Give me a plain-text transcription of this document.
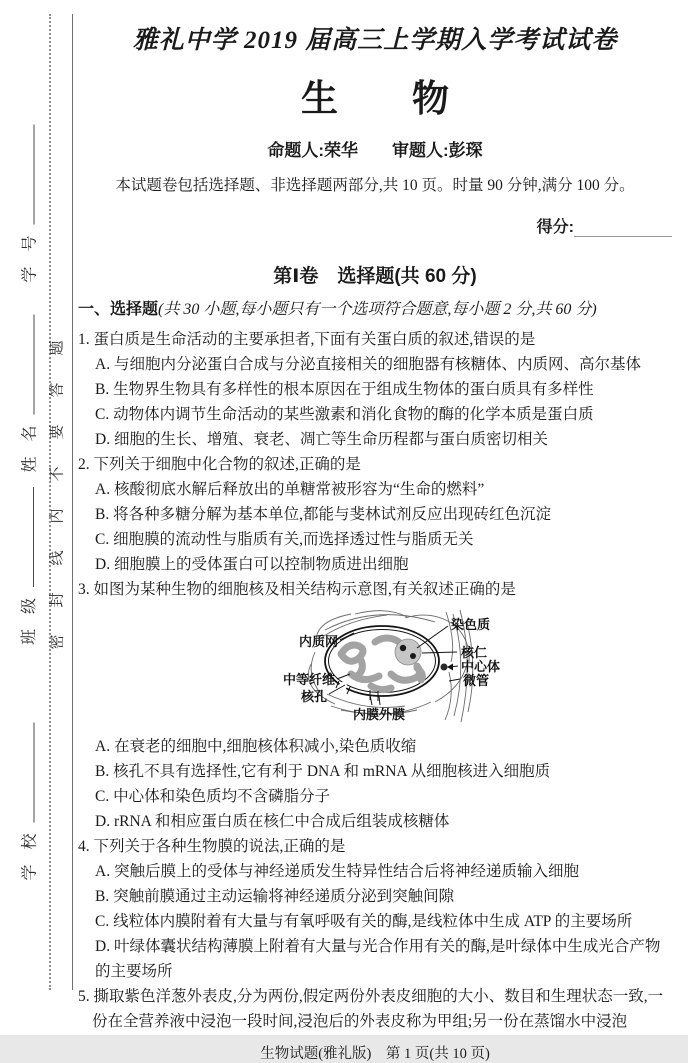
学号
姓名
班级
学校
密封线内不要答题
雅礼中学 2019 届高三上学期入学考试试卷
生　　物
命题人:荣华　　审题人:彭琛
本试题卷包括选择题、非选择题两部分,共 10 页。时量 90 分钟,满分 100 分。
得分:
第Ⅰ卷　选择题(共 60 分)
一、选择题(共 30 小题,每小题只有一个选项符合题意,每小题 2 分,共 60 分)
1. 蛋白质是生命活动的主要承担者,下面有关蛋白质的叙述,错误的是
A. 与细胞内分泌蛋白合成与分泌直接相关的细胞器有核糖体、内质网、高尔基体
B. 生物界生物具有多样性的根本原因在于组成生物体的蛋白质具有多样性
C. 动物体内调节生命活动的某些激素和消化食物的酶的化学本质是蛋白质
D. 细胞的生长、增殖、衰老、凋亡等生命历程都与蛋白质密切相关
2. 下列关于细胞中化合物的叙述,正确的是
A. 核酸彻底水解后释放出的单糖常被形容为“生命的燃料”
B. 将各种多糖分解为基本单位,都能与斐林试剂反应出现砖红色沉淀
C. 细胞膜的流动性与脂质有关,而选择透过性与脂质无关
D. 细胞膜上的受体蛋白可以控制物质进出细胞
3. 如图为某种生物的细胞核及相关结构示意图,有关叙述正确的是
染色质
内质网
核仁
中心体
微管
中等纤维
核孔
内膜外膜
A. 在衰老的细胞中,细胞核体积减小,染色质收缩
B. 核孔不具有选择性,它有利于 DNA 和 mRNA 从细胞核进入细胞质
C. 中心体和染色质均不含磷脂分子
D. rRNA 和相应蛋白质在核仁中合成后组装成核糖体
4. 下列关于各种生物膜的说法,正确的是
A. 突触后膜上的受体与神经递质发生特异性结合后将神经递质输入细胞
B. 突触前膜通过主动运输将神经递质分泌到突触间隙
C. 线粒体内膜附着有大量与有氧呼吸有关的酶,是线粒体中生成 ATP 的主要场所
D. 叶绿体囊状结构薄膜上附着有大量与光合作用有关的酶,是叶绿体中生成光合产物的主要场所
5. 撕取紫色洋葱外表皮,分为两份,假定两份外表皮细胞的大小、数目和生理状态一致,一份在全营养液中浸泡一段时间,浸泡后的外表皮称为甲组;另一份在蒸馏水中浸泡
生物试题(雅礼版)　第 1 页(共 10 页)
